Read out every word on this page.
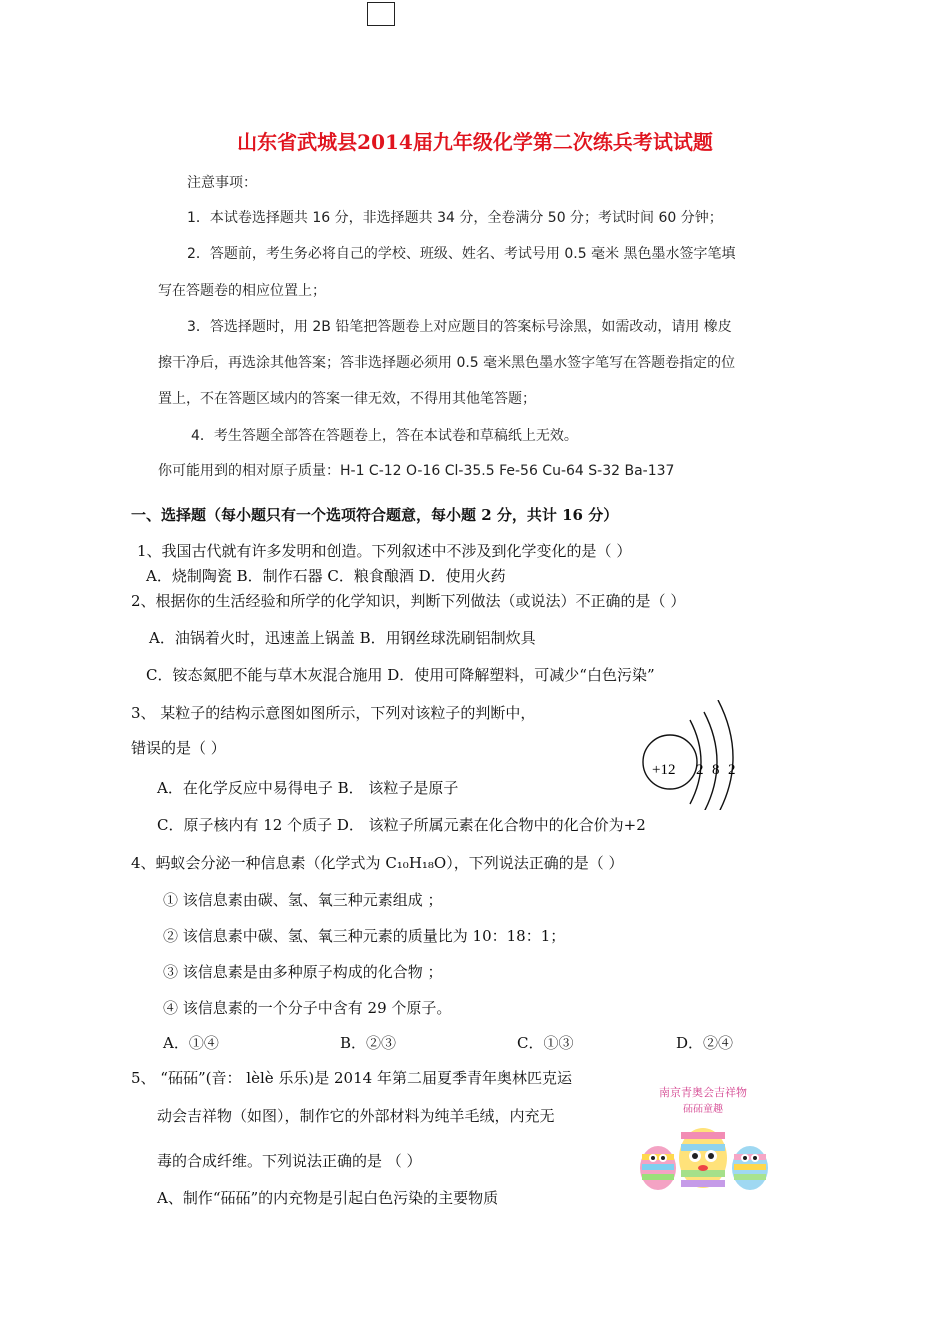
山东省武城县2014届九年级化学第二次练兵考试试题
注意事项：
1．本试卷选择题共 16 分，非选择题共 34 分，全卷满分 50 分；考试时间 60 分钟；
2．答题前，考生务必将自己的学校、班级、姓名、考试号用 0.5 毫米 黑色墨水签字笔填
写在答题卷的相应位置上；
3．答选择题时，用 2B 铅笔把答题卷上对应题目的答案标号涂黑，如需改动，请用 橡皮
擦干净后，再选涂其他答案；答非选择题必须用 0.5 毫米黑色墨水签字笔写在答题卷指定的位
置上，不在答题区域内的答案一律无效，不得用其他笔答题；
4．考生答题全部答在答题卷上，答在本试卷和草稿纸上无效。
你可能用到的相对原子质量：H-1 C-12 O-16 Cl-35.5 Fe-56 Cu-64 S-32 Ba-137
一、选择题（每小题只有一个选项符合题意，每小题 2 分，共计 16 分）
1、我国古代就有许多发明和创造。下列叙述中不涉及到化学变化的是（ ）
A．烧制陶瓷 B．制作石器 C．粮食酿酒 D．使用火药
2、根据你的生活经验和所学的化学知识，判断下列做法（或说法）不正确的是（ ）
A．油锅着火时，迅速盖上锅盖 B．用钢丝球洗刷铝制炊具
C．铵态氮肥不能与草木灰混合施用 D．使用可降解塑料，可减少“白色污染”
3、 某粒子的结构示意图如图所示，下列对该粒子的判断中，
错误的是（ ）
A．在化学反应中易得电子 B． 该粒子是原子
C．原子核内有 12 个质子 D． 该粒子所属元素在化合物中的化合价为+2
+12 2 8 2
4、蚂蚁会分泌一种信息素（化学式为 C₁₀H₁₈O），下列说法正确的是（ ）
① 该信息素由碳、氢、氧三种元素组成 ；
② 该信息素中碳、氢、氧三种元素的质量比为 10：18：1；
③ 该信息素是由多种原子构成的化合物 ；
④ 该信息素的一个分子中含有 29 个原子。
A．①④	B．②③	C．①③	D．②④
5、 “砳砳”(音： lèlè 乐乐)是 2014 年第二届夏季青年奥林匹克运
动会吉祥物（如图），制作它的外部材料为纯羊毛绒，内充无
毒的合成纤维。下列说法正确的是 （ ）
A、制作“砳砳”的内充物是引起白色污染的主要物质
南京青奥会吉祥物
砳砳童趣
